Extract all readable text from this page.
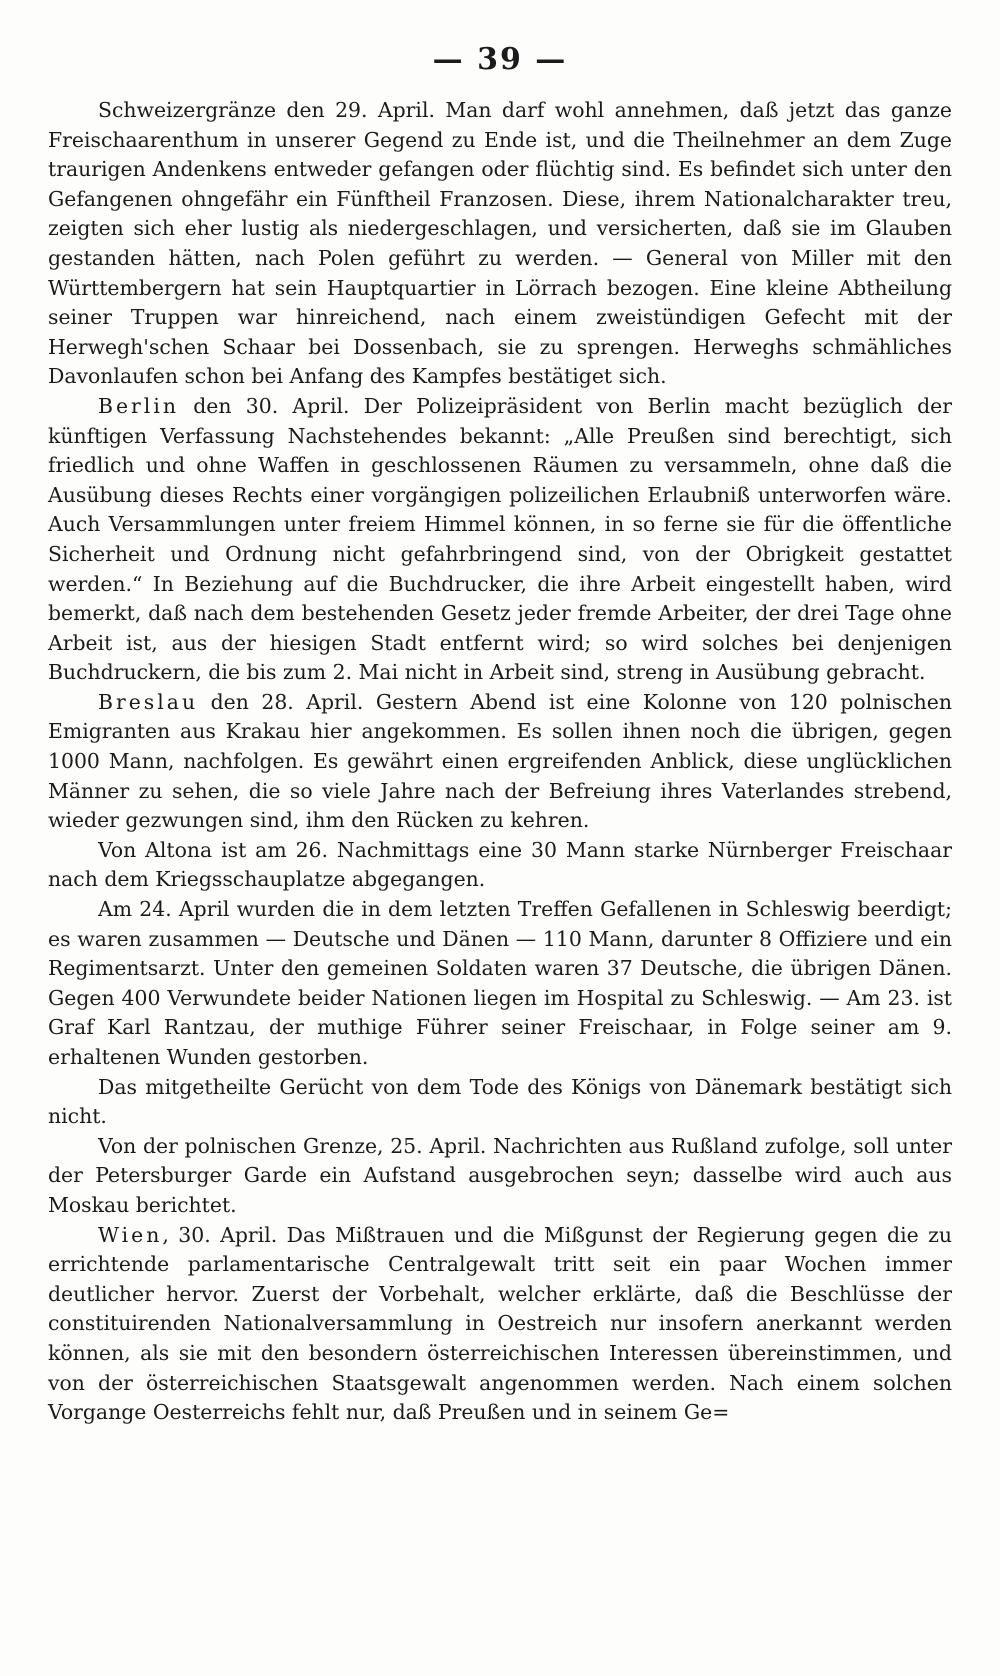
— 39 —

Schweizergränze den 29. April. Man darf wohl annehmen, daß jetzt das ganze Freischaarenthum in unserer Gegend zu Ende ist, und die Theilnehmer an dem Zuge traurigen Andenkens entweder gefangen oder flüchtig sind. Es befindet sich unter den Gefangenen ohngefähr ein Fünftheil Franzosen. Diese, ihrem Nationalcharakter treu, zeigten sich eher lustig als niedergeschlagen, und versicherten, daß sie im Glauben gestanden hätten, nach Polen geführt zu werden. — General von Miller mit den Württembergern hat sein Hauptquartier in Lörrach bezogen. Eine kleine Abtheilung seiner Truppen war hinreichend, nach einem zweistündigen Gefecht mit der Herwegh'schen Schaar bei Dossenbach, sie zu sprengen. Herweghs schmähliches Davonlaufen schon bei Anfang des Kampfes bestätiget sich.

Berlin den 30. April. Der Polizeipräsident von Berlin macht bezüglich der künftigen Verfassung Nachstehendes bekannt: „Alle Preußen sind berechtigt, sich friedlich und ohne Waffen in geschlossenen Räumen zu versammeln, ohne daß die Ausübung dieses Rechts einer vorgängigen polizeilichen Erlaubniß unterworfen wäre. Auch Versammlungen unter freiem Himmel können, in so ferne sie für die öffentliche Sicherheit und Ordnung nicht gefahrbringend sind, von der Obrigkeit gestattet werden.“ In Beziehung auf die Buchdrucker, die ihre Arbeit eingestellt haben, wird bemerkt, daß nach dem bestehenden Gesetz jeder fremde Arbeiter, der drei Tage ohne Arbeit ist, aus der hiesigen Stadt entfernt wird; so wird solches bei denjenigen Buchdruckern, die bis zum 2. Mai nicht in Arbeit sind, streng in Ausübung gebracht.

Breslau den 28. April. Gestern Abend ist eine Kolonne von 120 polnischen Emigranten aus Krakau hier angekommen. Es sollen ihnen noch die übrigen, gegen 1000 Mann, nachfolgen. Es gewährt einen ergreifenden Anblick, diese unglücklichen Männer zu sehen, die so viele Jahre nach der Befreiung ihres Vaterlandes strebend, wieder gezwungen sind, ihm den Rücken zu kehren.

Von Altona ist am 26. Nachmittags eine 30 Mann starke Nürnberger Freischaar nach dem Kriegsschauplatze abgegangen.

Am 24. April wurden die in dem letzten Treffen Gefallenen in Schleswig beerdigt; es waren zusammen — Deutsche und Dänen — 110 Mann, darunter 8 Offiziere und ein Regimentsarzt. Unter den gemeinen Soldaten waren 37 Deutsche, die übrigen Dänen. Gegen 400 Verwundete beider Nationen liegen im Hospital zu Schleswig. — Am 23. ist Graf Karl Rantzau, der muthige Führer seiner Freischaar, in Folge seiner am 9. erhaltenen Wunden gestorben.

Das mitgetheilte Gerücht von dem Tode des Königs von Dänemark bestätigt sich nicht.

Von der polnischen Grenze, 25. April. Nachrichten aus Rußland zufolge, soll unter der Petersburger Garde ein Aufstand ausgebrochen seyn; dasselbe wird auch aus Moskau berichtet.

Wien, 30. April. Das Mißtrauen und die Mißgunst der Regierung gegen die zu errichtende parlamentarische Centralgewalt tritt seit ein paar Wochen immer deutlicher hervor. Zuerst der Vorbehalt, welcher erklärte, daß die Beschlüsse der constituirenden Nationalversammlung in Oestreich nur insofern anerkannt werden können, als sie mit den besondern österreichischen Interessen übereinstimmen, und von der österreichischen Staatsgewalt angenommen werden. Nach einem solchen Vorgange Oesterreichs fehlt nur, daß Preußen und in seinem Ge=
